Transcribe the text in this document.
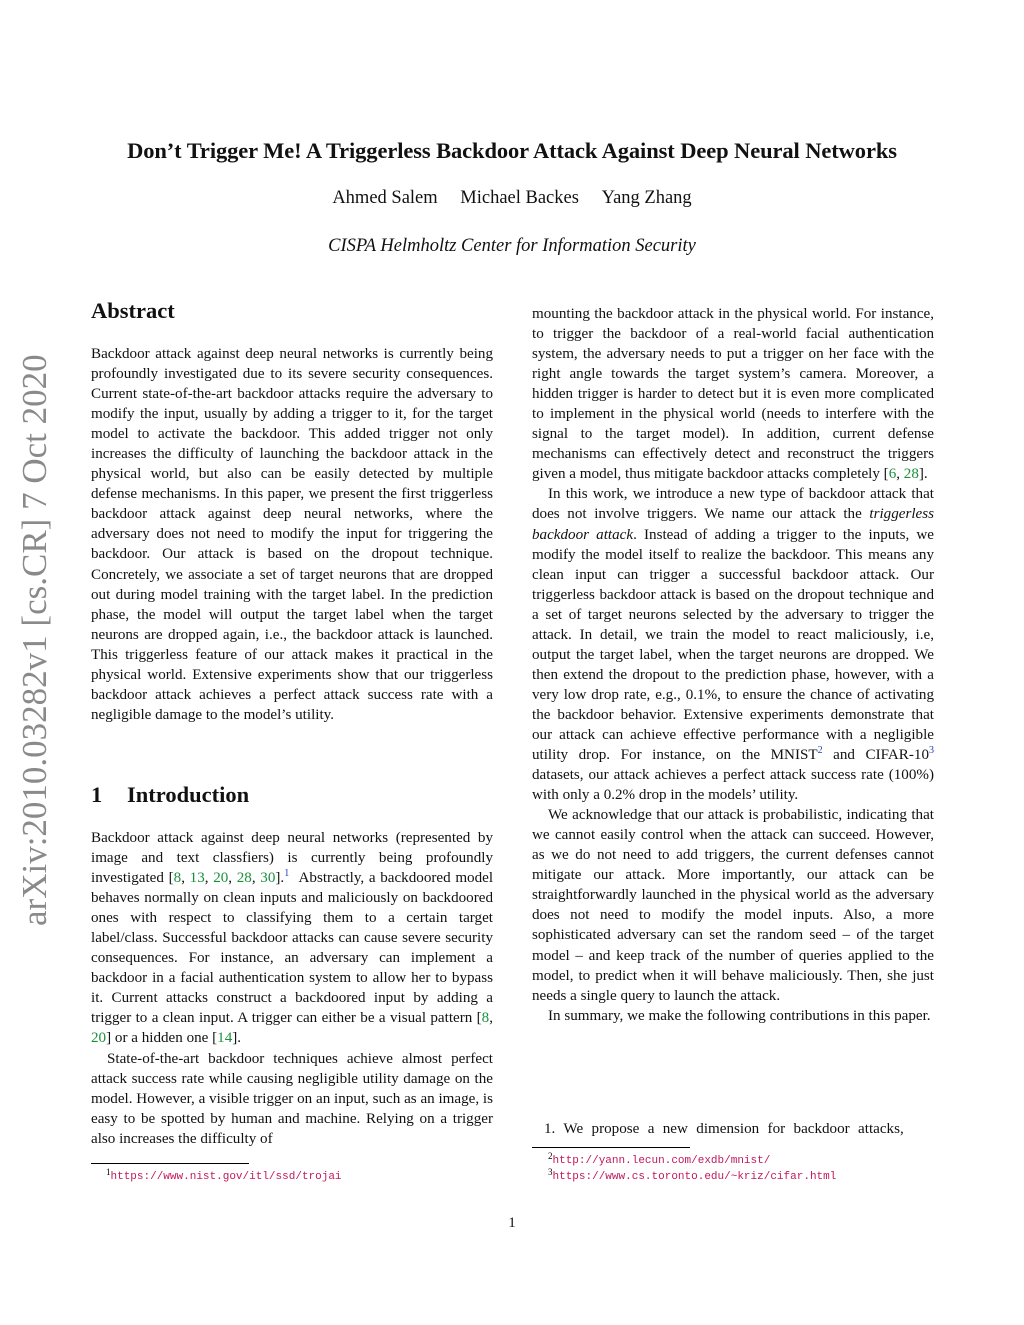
Don’t Trigger Me! A Triggerless Backdoor Attack Against Deep Neural Networks
Ahmed Salem Michael Backes Yang Zhang
CISPA Helmholtz Center for Information Security
arXiv:2010.03282v1 [cs.CR] 7 Oct 2020
Abstract

Backdoor attack against deep neural networks is currently being profoundly investigated due to its severe security consequences. Current state-of-the-art backdoor attacks require the adversary to modify the input, usually by adding a trigger to it, for the target model to activate the backdoor. This added trigger not only increases the difficulty of launching the backdoor attack in the physical world, but also can be easily detected by multiple defense mechanisms. In this paper, we present the first triggerless backdoor attack against deep neural networks, where the adversary does not need to modify the input for triggering the backdoor. Our attack is based on the dropout technique. Concretely, we associate a set of target neurons that are dropped out during model training with the target label. In the prediction phase, the model will output the target label when the target neurons are dropped again, i.e., the backdoor attack is launched. This triggerless feature of our attack makes it practical in the physical world. Extensive experiments show that our triggerless backdoor attack achieves a perfect attack success rate with a negligible damage to the model’s utility.

1 Introduction

Backdoor attack against deep neural networks (represented by image and text classfiers) is currently being profoundly investigated [8, 13, 20, 28, 30].$^1$ Abstractly, a backdoored model behaves normally on clean inputs and maliciously on backdoored ones with respect to classifying them to a certain target label/class. Successful backdoor attacks can cause severe security consequences. For instance, an adversary can implement a backdoor in a facial authentication system to allow her to bypass it. Current attacks construct a backdoored input by adding a trigger to a clean input. A trigger can either be a visual pattern [8, 20] or a hidden one [14].

State-of-the-art backdoor techniques achieve almost perfect attack success rate while causing negligible utility damage on the model. However, a visible trigger on an input, such as an image, is easy to be spotted by human and machine. Relying on a trigger also increases the difficulty of

$^1$https://www.nist.gov/itl/ssd/trojai

mounting the backdoor attack in the physical world. For instance, to trigger the backdoor of a real-world facial authentication system, the adversary needs to put a trigger on her face with the right angle towards the target system’s camera. Moreover, a hidden trigger is harder to detect but it is even more complicated to implement in the physical world (needs to interfere with the signal to the target model). In addition, current defense mechanisms can effectively detect and reconstruct the triggers given a model, thus mitigate backdoor attacks completely [6, 28].

In this work, we introduce a new type of backdoor attack that does not involve triggers. We name our attack the triggerless backdoor attack. Instead of adding a trigger to the inputs, we modify the model itself to realize the backdoor. This means any clean input can trigger a successful backdoor attack. Our triggerless backdoor attack is based on the dropout technique and a set of target neurons selected by the adversary to trigger the attack. In detail, we train the model to react maliciously, i.e, output the target label, when the target neurons are dropped. We then extend the dropout to the prediction phase, however, with a very low drop rate, e.g., 0.1%, to ensure the chance of activating the backdoor behavior. Extensive experiments demonstrate that our attack can achieve effective performance with a negligible utility drop. For instance, on the MNIST$^2$ and CIFAR-$10^3$ datasets, our attack achieves a perfect attack success rate (100%) with only a 0.2% drop in the models’ utility.

We acknowledge that our attack is probabilistic, indicating that we cannot easily control when the attack can succeed. However, as we do not need to add triggers, the current defenses cannot mitigate our attack. More importantly, our attack can be straightforwardly launched in the physical world as the adversary does not need to modify the model inputs. Also, a more sophisticated adversary can set the random seed – of the target model – and keep track of the number of queries applied to the model, to predict when it will behave maliciously. Then, she just needs a single query to launch the attack.

In summary, we make the following contributions in this paper.

1. We propose a new dimension for backdoor attacks,
$^2$http://yann.lecun.com/exdb/mnist/
$^3$https://www.cs.toronto.edu/~kriz/cifar.html
1
